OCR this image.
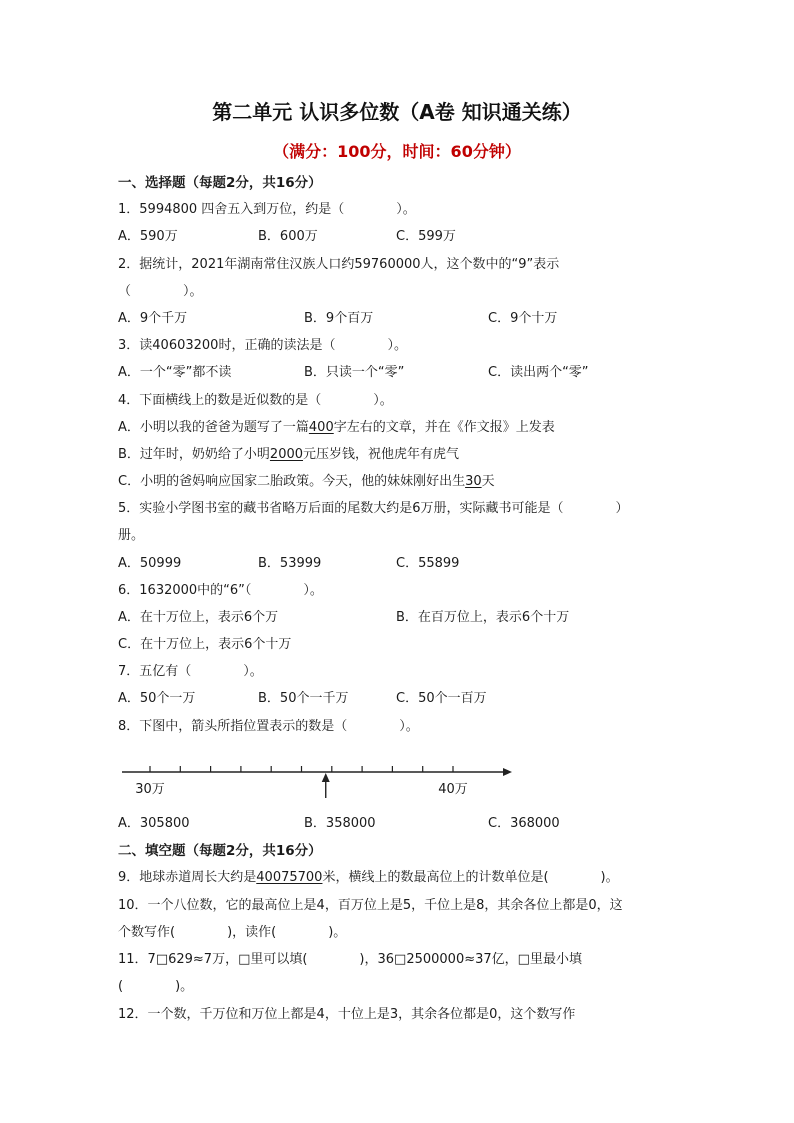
第二单元 认识多位数（A卷 知识通关练）
（满分：100分，时间：60分钟）
一、选择题（每题2分，共16分）
1．5994800 四舍五入到万位，约是（　　　　）。
A．590万	B．600万	C．599万
2．据统计，2021年湖南常住汉族人口约59760000人，这个数中的“9”表示
（　　　　）。
A．9个千万	B．9个百万	C．9个十万
3．读40603200时，正确的读法是（　　　　）。
A．一个“零”都不读	B．只读一个“零”	C．读出两个“零”
4．下面横线上的数是近似数的是（　　　　）。
A．小明以我的爸爸为题写了一篇400字左右的文章，并在《作文报》上发表
B．过年时，奶奶给了小明2000元压岁钱，祝他虎年有虎气
C．小明的爸妈响应国家二胎政策。今天，他的妹妹刚好出生30天
5．实验小学图书室的藏书省略万后面的尾数大约是6万册，实际藏书可能是（　　　　）
册。
A．50999	B．53999	C．55899
6．1632000中的“6”（　　　　）。
A．在十万位上，表示6个万	B．在百万位上，表示6个十万
C．在十万位上，表示6个十万
7．五亿有（　　　　）。
A．50个一万	B．50个一千万	C．50个一百万
8．下图中，箭头所指位置表示的数是（　　　　）。
30万	40万
A．305800	B．358000	C．368000
二、填空题（每题2分，共16分）
9．地球赤道周长大约是40075700米，横线上的数最高位上的计数单位是(　　　　)。
10．一个八位数，它的最高位上是4，百万位上是5，千位上是8，其余各位上都是0，这
个数写作(　　　　)，读作(　　　　)。
11．7□629≈7万，□里可以填(　　　　)，36□2500000≈37亿，□里最小填
(　　　　)。
12．一个数，千万位和万位上都是4，十位上是3，其余各位都是0，这个数写作
